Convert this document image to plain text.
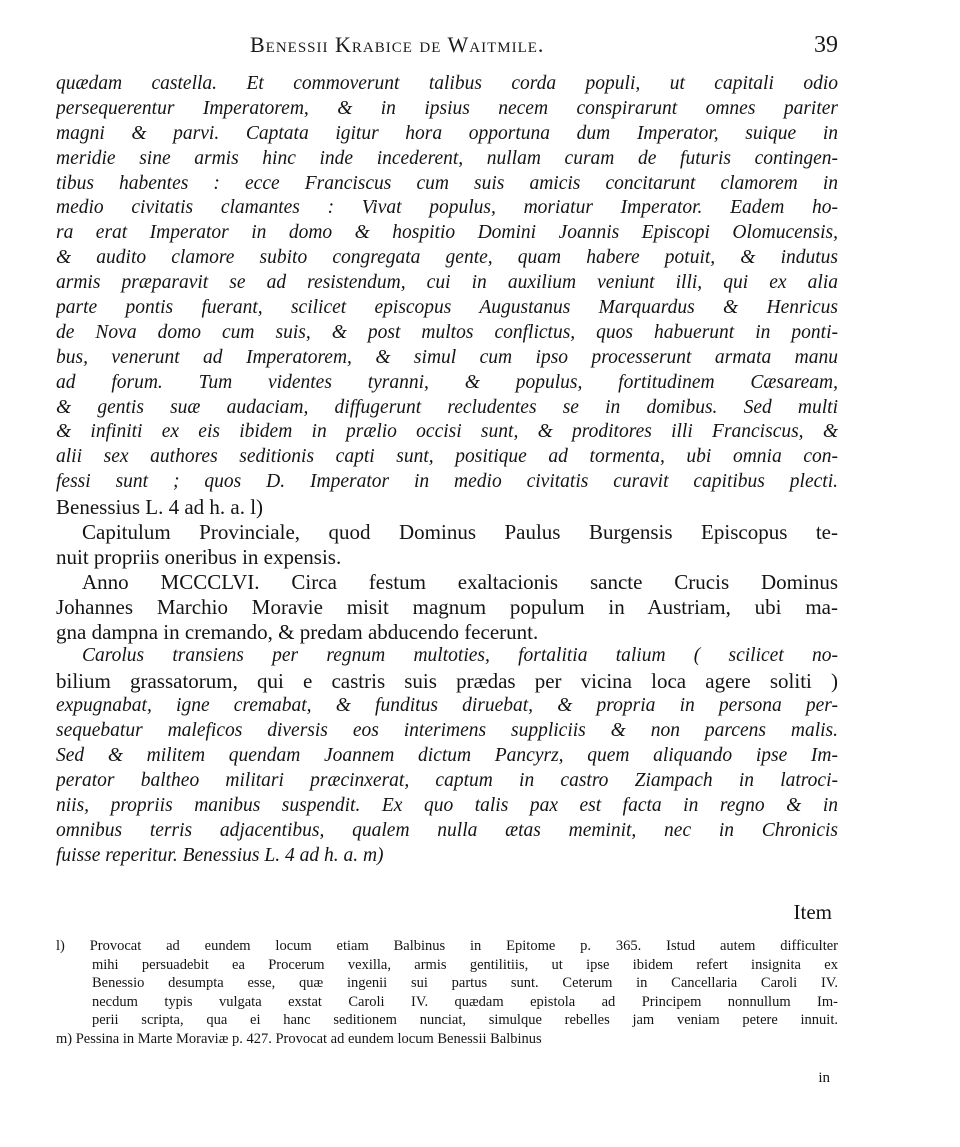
Benessii Krabice de Waitmile.	39
quædam castella. Et commoverunt talibus corda populi, ut capitali odio
persequerentur Imperatorem, & in ipsius necem conspirarunt omnes pariter
magni & parvi. Captata igitur hora opportuna dum Imperator, suique in
meridie sine armis hinc inde incederent, nullam curam de futuris contingen-
tibus habentes : ecce Franciscus cum suis amicis concitarunt clamorem in
medio civitatis clamantes : Vivat populus, moriatur Imperator. Eadem ho-
ra erat Imperator in domo & hospitio Domini Joannis Episcopi Olomucensis,
& audito clamore subito congregata gente, quam habere potuit, & indutus
armis præparavit se ad resistendum, cui in auxilium veniunt illi, qui ex alia
parte pontis fuerant, scilicet episcopus Augustanus Marquardus & Henricus
de Nova domo cum suis, & post multos conflictus, quos habuerunt in ponti-
bus, venerunt ad Imperatorem, & simul cum ipso processerunt armata manu
ad forum. Tum videntes tyranni, & populus, fortitudinem Cæsaream,
& gentis suæ audaciam, diffugerunt recludentes se in domibus. Sed multi
& infiniti ex eis ibidem in prælio occisi sunt, & proditores illi Franciscus, &
alii sex authores seditionis capti sunt, positique ad tormenta, ubi omnia con-
fessi sunt ; quos D. Imperator in medio civitatis curavit capitibus plecti.
Benessius L. 4 ad h. a. l)
Capitulum Provinciale, quod Dominus Paulus Burgensis Episcopus te-
nuit propriis oneribus in expensis.
Anno MCCCLVI. Circa festum exaltacionis sancte Crucis Dominus
Johannes Marchio Moravie misit magnum populum in Austriam, ubi ma-
gna dampna in cremando, & predam abducendo fecerunt.
Carolus transiens per regnum multoties, fortalitia talium ( scilicet no-
bilium grassatorum, qui e castris suis prædas per vicina loca agere soliti )
expugnabat, igne cremabat, & funditus diruebat, & propria in persona per-
sequebatur maleficos diversis eos interimens suppliciis & non parcens malis.
Sed & militem quendam Joannem dictum Pancyrz, quem aliquando ipse Im-
perator baltheo militari præcinxerat, captum in castro Ziampach in latroci-
niis, propriis manibus suspendit. Ex quo talis pax est facta in regno & in
omnibus terris adjacentibus, qualem nulla ætas meminit, nec in Chronicis
fuisse reperitur. Benessius L. 4 ad h. a. m)
Item
l) Provocat ad eundem locum etiam Balbinus in Epitome p. 365. Istud autem difficulter
mihi persuadebit ea Procerum vexilla, armis gentilitiis, ut ipse ibidem refert insignita ex
Benessio desumpta esse, quæ ingenii sui partus sunt. Ceterum in Cancellaria Caroli IV.
necdum typis vulgata exstat Caroli IV. quædam epistola ad Principem nonnullum Im-
perii scripta, qua ei hanc seditionem nunciat, simulque rebelles jam veniam petere innuit.
m) Pessina in Marte Moraviæ p. 427. Provocat ad eundem locum Benessii Balbinus
in
